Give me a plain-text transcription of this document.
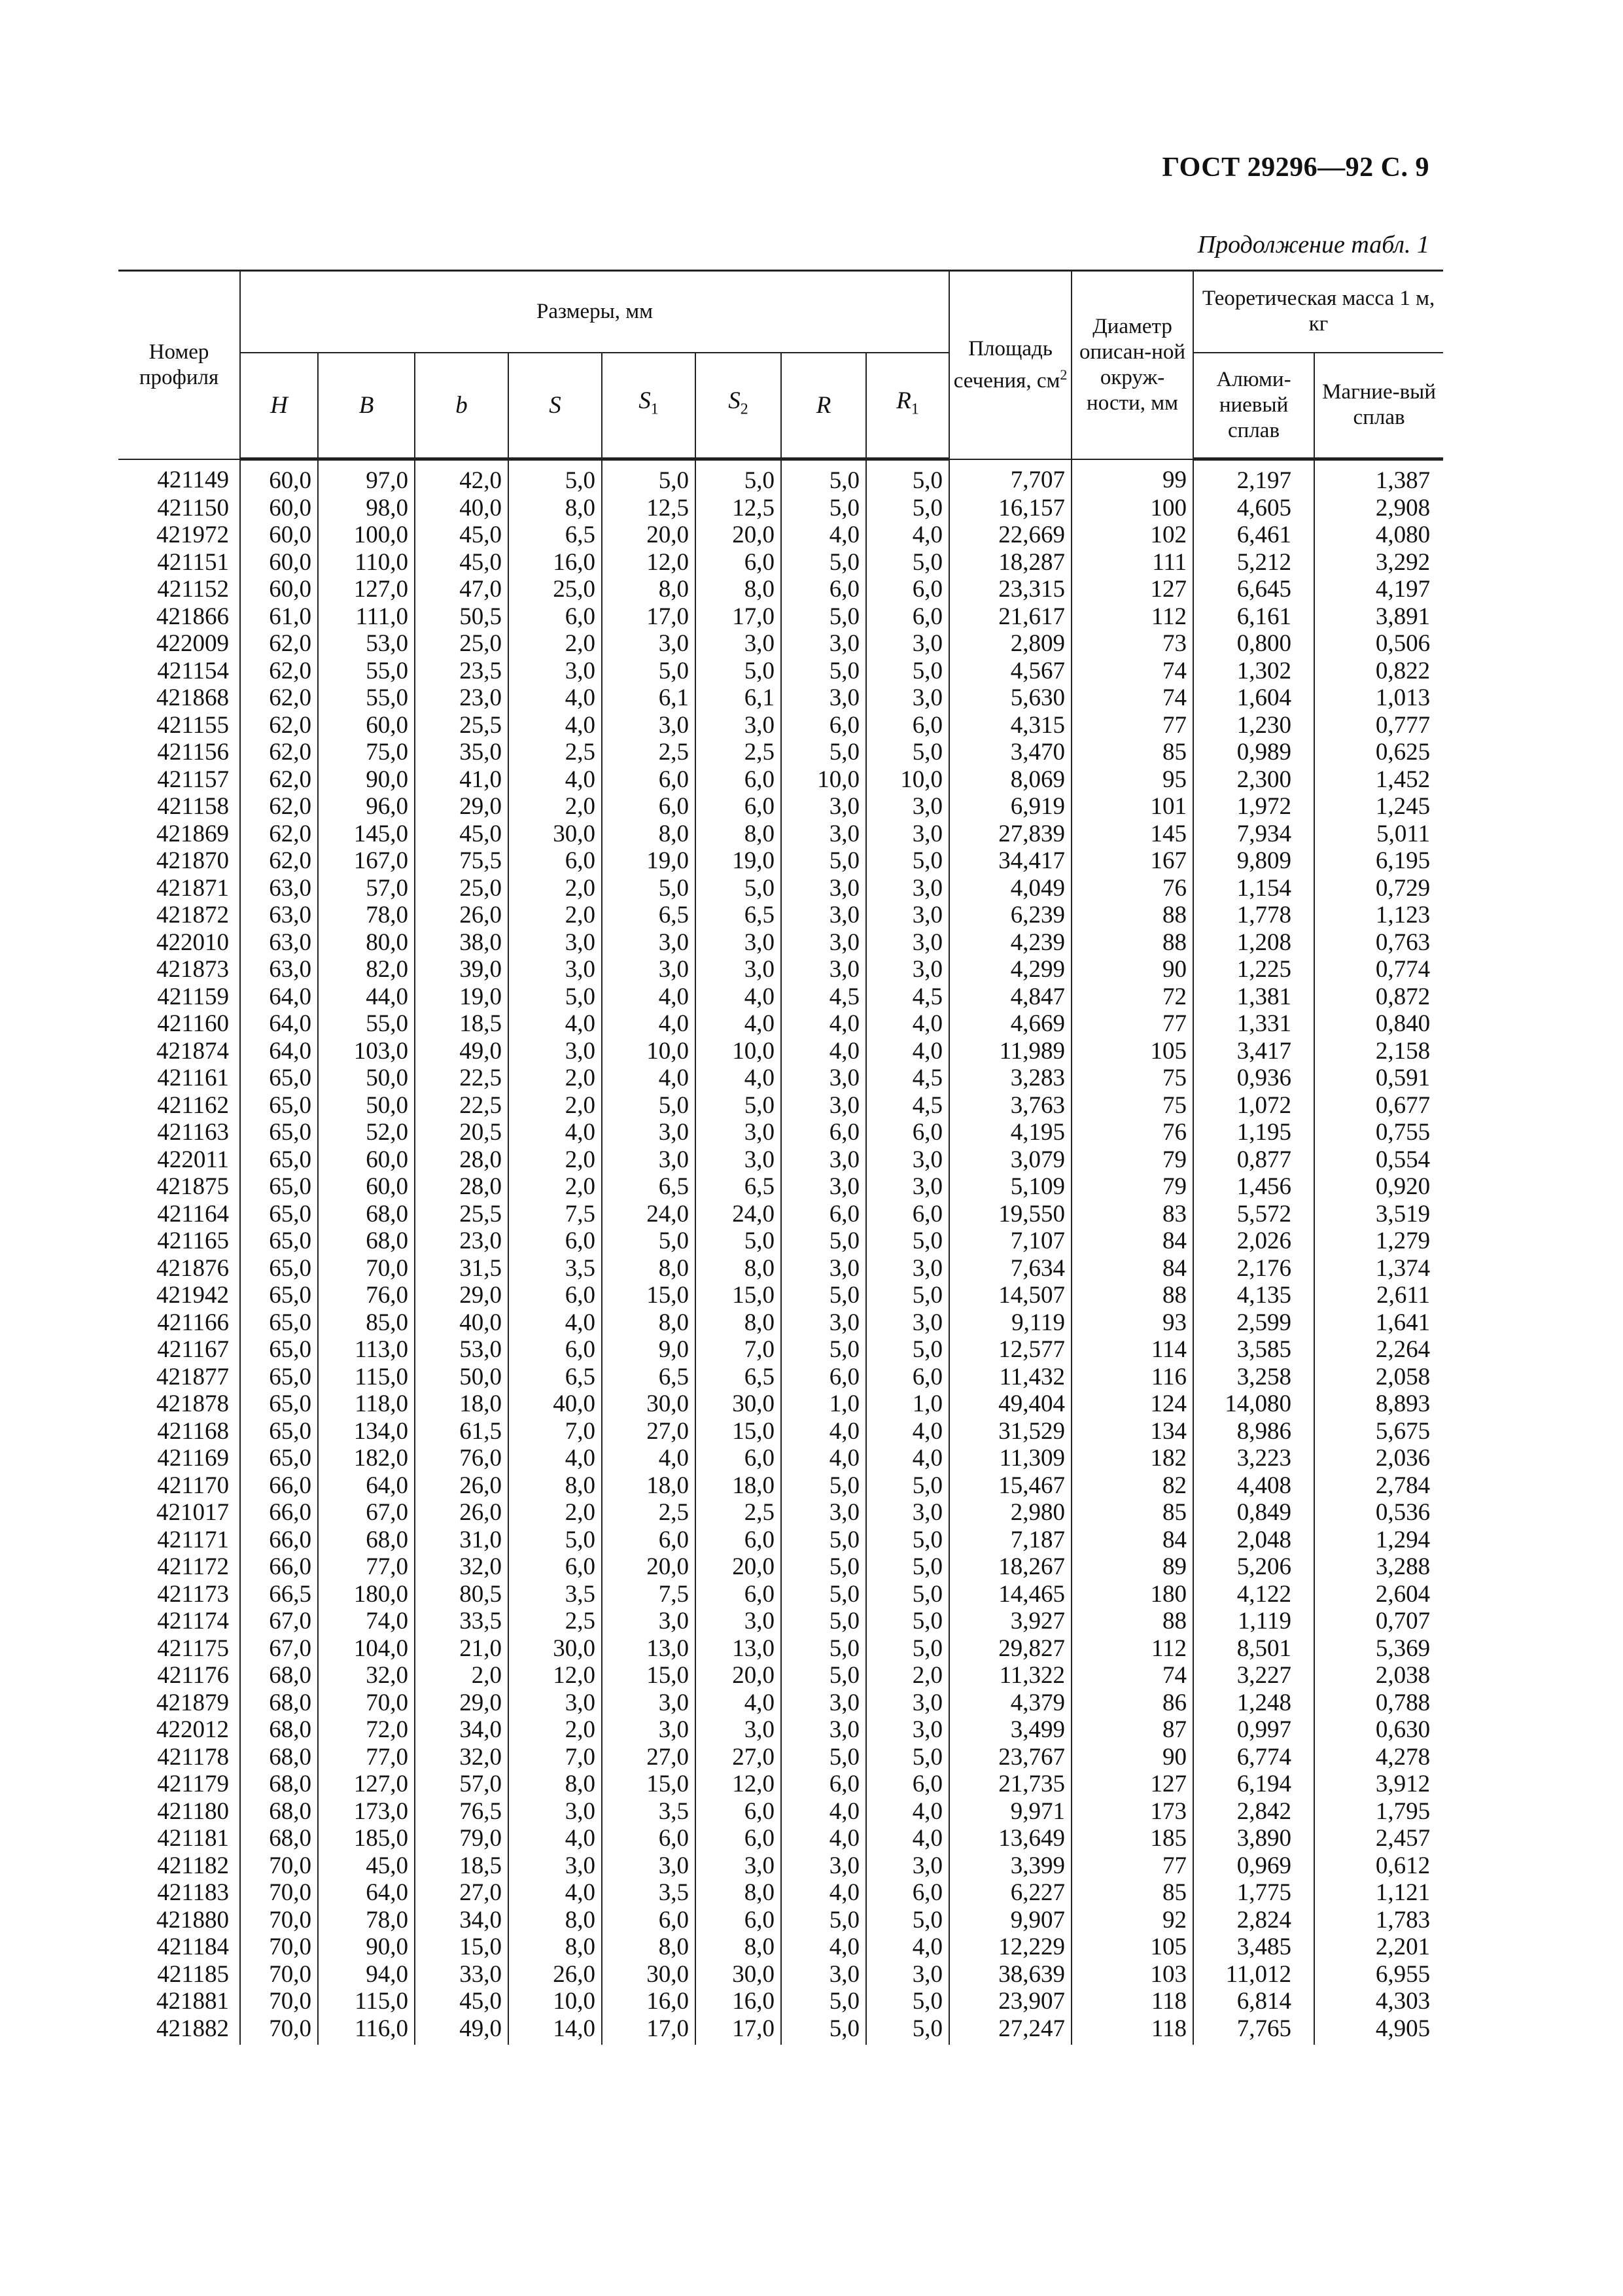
ГОСТ 29296—92 С. 9
Продолжение табл. 1
Номер профиля	Размеры, мм								Площадь сечения, $см^2$	Диаметр описан-ной окруж-ности, мм	Теоретическая масса 1 м, кг	
	H	B	b	S	$S_1$	$S_2$	R	$R_1$			Алюми-ниевый сплав	Магние-вый сплав
421149	60,0	97,0	42,0	5,0	5,0	5,0	5,0	5,0	7,707	99	2,197	1,387
421150	60,0	98,0	40,0	8,0	12,5	12,5	5,0	5,0	16,157	100	4,605	2,908
421972	60,0	100,0	45,0	6,5	20,0	20,0	4,0	4,0	22,669	102	6,461	4,080
421151	60,0	110,0	45,0	16,0	12,0	6,0	5,0	5,0	18,287	111	5,212	3,292
421152	60,0	127,0	47,0	25,0	8,0	8,0	6,0	6,0	23,315	127	6,645	4,197
421866	61,0	111,0	50,5	6,0	17,0	17,0	5,0	6,0	21,617	112	6,161	3,891
422009	62,0	53,0	25,0	2,0	3,0	3,0	3,0	3,0	2,809	73	0,800	0,506
421154	62,0	55,0	23,5	3,0	5,0	5,0	5,0	5,0	4,567	74	1,302	0,822
421868	62,0	55,0	23,0	4,0	6,1	6,1	3,0	3,0	5,630	74	1,604	1,013
421155	62,0	60,0	25,5	4,0	3,0	3,0	6,0	6,0	4,315	77	1,230	0,777
421156	62,0	75,0	35,0	2,5	2,5	2,5	5,0	5,0	3,470	85	0,989	0,625
421157	62,0	90,0	41,0	4,0	6,0	6,0	10,0	10,0	8,069	95	2,300	1,452
421158	62,0	96,0	29,0	2,0	6,0	6,0	3,0	3,0	6,919	101	1,972	1,245
421869	62,0	145,0	45,0	30,0	8,0	8,0	3,0	3,0	27,839	145	7,934	5,011
421870	62,0	167,0	75,5	6,0	19,0	19,0	5,0	5,0	34,417	167	9,809	6,195
421871	63,0	57,0	25,0	2,0	5,0	5,0	3,0	3,0	4,049	76	1,154	0,729
421872	63,0	78,0	26,0	2,0	6,5	6,5	3,0	3,0	6,239	88	1,778	1,123
422010	63,0	80,0	38,0	3,0	3,0	3,0	3,0	3,0	4,239	88	1,208	0,763
421873	63,0	82,0	39,0	3,0	3,0	3,0	3,0	3,0	4,299	90	1,225	0,774
421159	64,0	44,0	19,0	5,0	4,0	4,0	4,5	4,5	4,847	72	1,381	0,872
421160	64,0	55,0	18,5	4,0	4,0	4,0	4,0	4,0	4,669	77	1,331	0,840
421874	64,0	103,0	49,0	3,0	10,0	10,0	4,0	4,0	11,989	105	3,417	2,158
421161	65,0	50,0	22,5	2,0	4,0	4,0	3,0	4,5	3,283	75	0,936	0,591
421162	65,0	50,0	22,5	2,0	5,0	5,0	3,0	4,5	3,763	75	1,072	0,677
421163	65,0	52,0	20,5	4,0	3,0	3,0	6,0	6,0	4,195	76	1,195	0,755
422011	65,0	60,0	28,0	2,0	3,0	3,0	3,0	3,0	3,079	79	0,877	0,554
421875	65,0	60,0	28,0	2,0	6,5	6,5	3,0	3,0	5,109	79	1,456	0,920
421164	65,0	68,0	25,5	7,5	24,0	24,0	6,0	6,0	19,550	83	5,572	3,519
421165	65,0	68,0	23,0	6,0	5,0	5,0	5,0	5,0	7,107	84	2,026	1,279
421876	65,0	70,0	31,5	3,5	8,0	8,0	3,0	3,0	7,634	84	2,176	1,374
421942	65,0	76,0	29,0	6,0	15,0	15,0	5,0	5,0	14,507	88	4,135	2,611
421166	65,0	85,0	40,0	4,0	8,0	8,0	3,0	3,0	9,119	93	2,599	1,641
421167	65,0	113,0	53,0	6,0	9,0	7,0	5,0	5,0	12,577	114	3,585	2,264
421877	65,0	115,0	50,0	6,5	6,5	6,5	6,0	6,0	11,432	116	3,258	2,058
421878	65,0	118,0	18,0	40,0	30,0	30,0	1,0	1,0	49,404	124	14,080	8,893
421168	65,0	134,0	61,5	7,0	27,0	15,0	4,0	4,0	31,529	134	8,986	5,675
421169	65,0	182,0	76,0	4,0	4,0	6,0	4,0	4,0	11,309	182	3,223	2,036
421170	66,0	64,0	26,0	8,0	18,0	18,0	5,0	5,0	15,467	82	4,408	2,784
421017	66,0	67,0	26,0	2,0	2,5	2,5	3,0	3,0	2,980	85	0,849	0,536
421171	66,0	68,0	31,0	5,0	6,0	6,0	5,0	5,0	7,187	84	2,048	1,294
421172	66,0	77,0	32,0	6,0	20,0	20,0	5,0	5,0	18,267	89	5,206	3,288
421173	66,5	180,0	80,5	3,5	7,5	6,0	5,0	5,0	14,465	180	4,122	2,604
421174	67,0	74,0	33,5	2,5	3,0	3,0	5,0	5,0	3,927	88	1,119	0,707
421175	67,0	104,0	21,0	30,0	13,0	13,0	5,0	5,0	29,827	112	8,501	5,369
421176	68,0	32,0	2,0	12,0	15,0	20,0	5,0	2,0	11,322	74	3,227	2,038
421879	68,0	70,0	29,0	3,0	3,0	4,0	3,0	3,0	4,379	86	1,248	0,788
422012	68,0	72,0	34,0	2,0	3,0	3,0	3,0	3,0	3,499	87	0,997	0,630
421178	68,0	77,0	32,0	7,0	27,0	27,0	5,0	5,0	23,767	90	6,774	4,278
421179	68,0	127,0	57,0	8,0	15,0	12,0	6,0	6,0	21,735	127	6,194	3,912
421180	68,0	173,0	76,5	3,0	3,5	6,0	4,0	4,0	9,971	173	2,842	1,795
421181	68,0	185,0	79,0	4,0	6,0	6,0	4,0	4,0	13,649	185	3,890	2,457
421182	70,0	45,0	18,5	3,0	3,0	3,0	3,0	3,0	3,399	77	0,969	0,612
421183	70,0	64,0	27,0	4,0	3,5	8,0	4,0	6,0	6,227	85	1,775	1,121
421880	70,0	78,0	34,0	8,0	6,0	6,0	5,0	5,0	9,907	92	2,824	1,783
421184	70,0	90,0	15,0	8,0	8,0	8,0	4,0	4,0	12,229	105	3,485	2,201
421185	70,0	94,0	33,0	26,0	30,0	30,0	3,0	3,0	38,639	103	11,012	6,955
421881	70,0	115,0	45,0	10,0	16,0	16,0	5,0	5,0	23,907	118	6,814	4,303
421882	70,0	116,0	49,0	14,0	17,0	17,0	5,0	5,0	27,247	118	7,765	4,905
